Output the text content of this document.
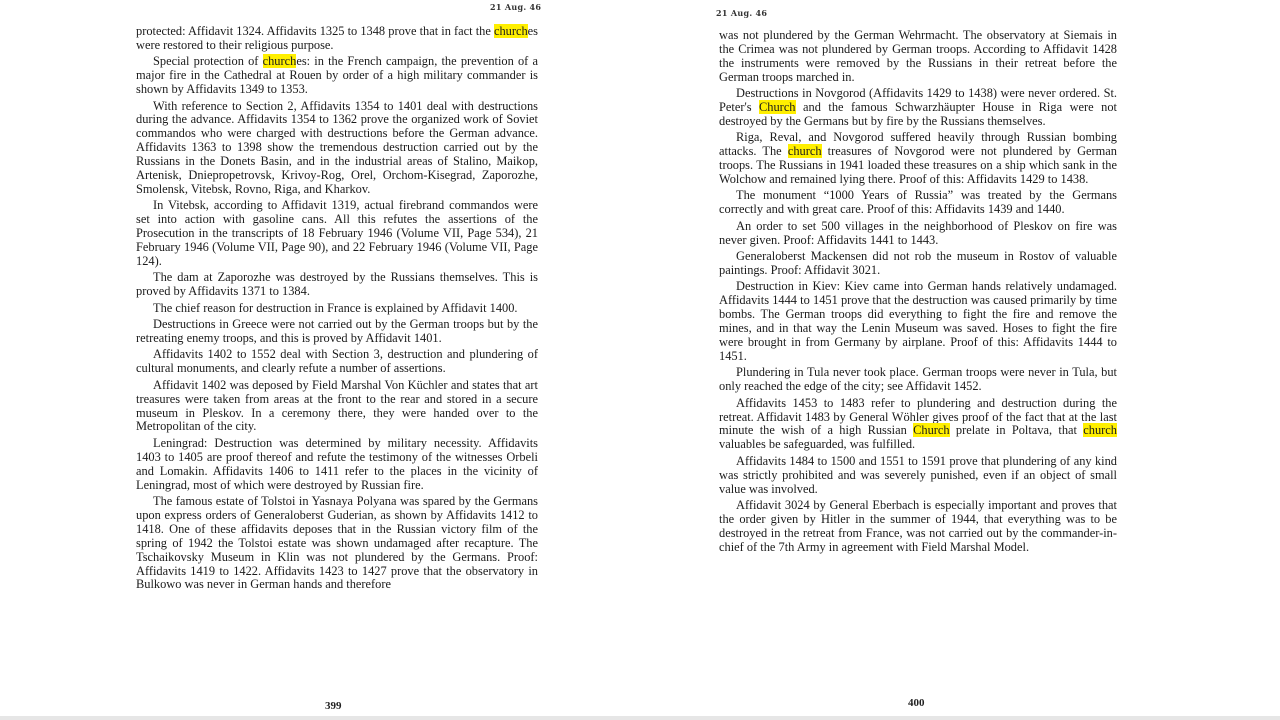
21 Aug. 46

protected: Affidavit 1324. Affidavits 1325 to 1348 prove that in fact the churches were restored to their religious purpose.

Special protection of churches: in the French campaign, the prevention of a major fire in the Cathedral at Rouen by order of a high military commander is shown by Affidavits 1349 to 1353.

With reference to Section 2, Affidavits 1354 to 1401 deal with destructions during the advance. Affidavits 1354 to 1362 prove the organized work of Soviet commandos who were charged with destructions before the German advance. Affidavits 1363 to 1398 show the tremendous destruction carried out by the Russians in the Donets Basin, and in the industrial areas of Stalino, Maikop, Artenisk, Dniepropetrovsk, Krivoy-Rog, Orel, Orchom-Kisegrad, Zaporozhe, Smolensk, Vitebsk, Rovno, Riga, and Kharkov.

In Vitebsk, according to Affidavit 1319, actual firebrand commandos were set into action with gasoline cans. All this refutes the assertions of the Prosecution in the transcripts of 18 February 1946 (Volume VII, Page 534), 21 February 1946 (Volume VII, Page 90), and 22 February 1946 (Volume VII, Page 124).

The dam at Zaporozhe was destroyed by the Russians themselves. This is proved by Affidavits 1371 to 1384.

The chief reason for destruction in France is explained by Affidavit 1400.

Destructions in Greece were not carried out by the German troops but by the retreating enemy troops, and this is proved by Affidavit 1401.

Affidavits 1402 to 1552 deal with Section 3, destruction and plundering of cultural monuments, and clearly refute a number of assertions.

Affidavit 1402 was deposed by Field Marshal Von Küchler and states that art treasures were taken from areas at the front to the rear and stored in a secure museum in Pleskov. In a ceremony there, they were handed over to the Metropolitan of the city.

Leningrad: Destruction was determined by military necessity. Affidavits 1403 to 1405 are proof thereof and refute the testimony of the witnesses Orbeli and Lomakin. Affidavits 1406 to 1411 refer to the places in the vicinity of Leningrad, most of which were destroyed by Russian fire.

The famous estate of Tolstoi in Yasnaya Polyana was spared by the Germans upon express orders of Generaloberst Guderian, as shown by Affidavits 1412 to 1418. One of these affidavits deposes that in the Russian victory film of the spring of 1942 the Tolstoi estate was shown undamaged after recapture. The Tschaikovsky Museum in Klin was not plundered by the Germans. Proof: Affidavits 1419 to 1422. Affidavits 1423 to 1427 prove that the observatory in Bulkowo was never in German hands and therefore

399
21 Aug. 46

was not plundered by the German Wehrmacht. The observatory at Siemais in the Crimea was not plundered by German troops. According to Affidavit 1428 the instruments were removed by the Russians in their retreat before the German troops marched in.

Destructions in Novgorod (Affidavits 1429 to 1438) were never ordered. St. Peter's Church and the famous Schwarzhäupter House in Riga were not destroyed by the Germans but by fire by the Russians themselves.

Riga, Reval, and Novgorod suffered heavily through Russian bombing attacks. The church treasures of Novgorod were not plundered by German troops. The Russians in 1941 loaded these treasures on a ship which sank in the Wolchow and remained lying there. Proof of this: Affidavits 1429 to 1438.

The monument “1000 Years of Russia” was treated by the Germans correctly and with great care. Proof of this: Affidavits 1439 and 1440.

An order to set 500 villages in the neighborhood of Pleskov on fire was never given. Proof: Affidavits 1441 to 1443.

Generaloberst Mackensen did not rob the museum in Rostov of valuable paintings. Proof: Affidavit 3021.

Destruction in Kiev: Kiev came into German hands relatively undamaged. Affidavits 1444 to 1451 prove that the destruction was caused primarily by time bombs. The German troops did everything to fight the fire and remove the mines, and in that way the Lenin Museum was saved. Hoses to fight the fire were brought in from Germany by airplane. Proof of this: Affidavits 1444 to 1451.

Plundering in Tula never took place. German troops were never in Tula, but only reached the edge of the city; see Affidavit 1452.

Affidavits 1453 to 1483 refer to plundering and destruction during the retreat. Affidavit 1483 by General Wöhler gives proof of the fact that at the last minute the wish of a high Russian Church prelate in Poltava, that church valuables be safeguarded, was fulfilled.

Affidavits 1484 to 1500 and 1551 to 1591 prove that plundering of any kind was strictly prohibited and was severely punished, even if an object of small value was involved.

Affidavit 3024 by General Eberbach is especially important and proves that the order given by Hitler in the summer of 1944, that everything was to be destroyed in the retreat from France, was not carried out by the commander-in-chief of the 7th Army in agreement with Field Marshal Model.

400
